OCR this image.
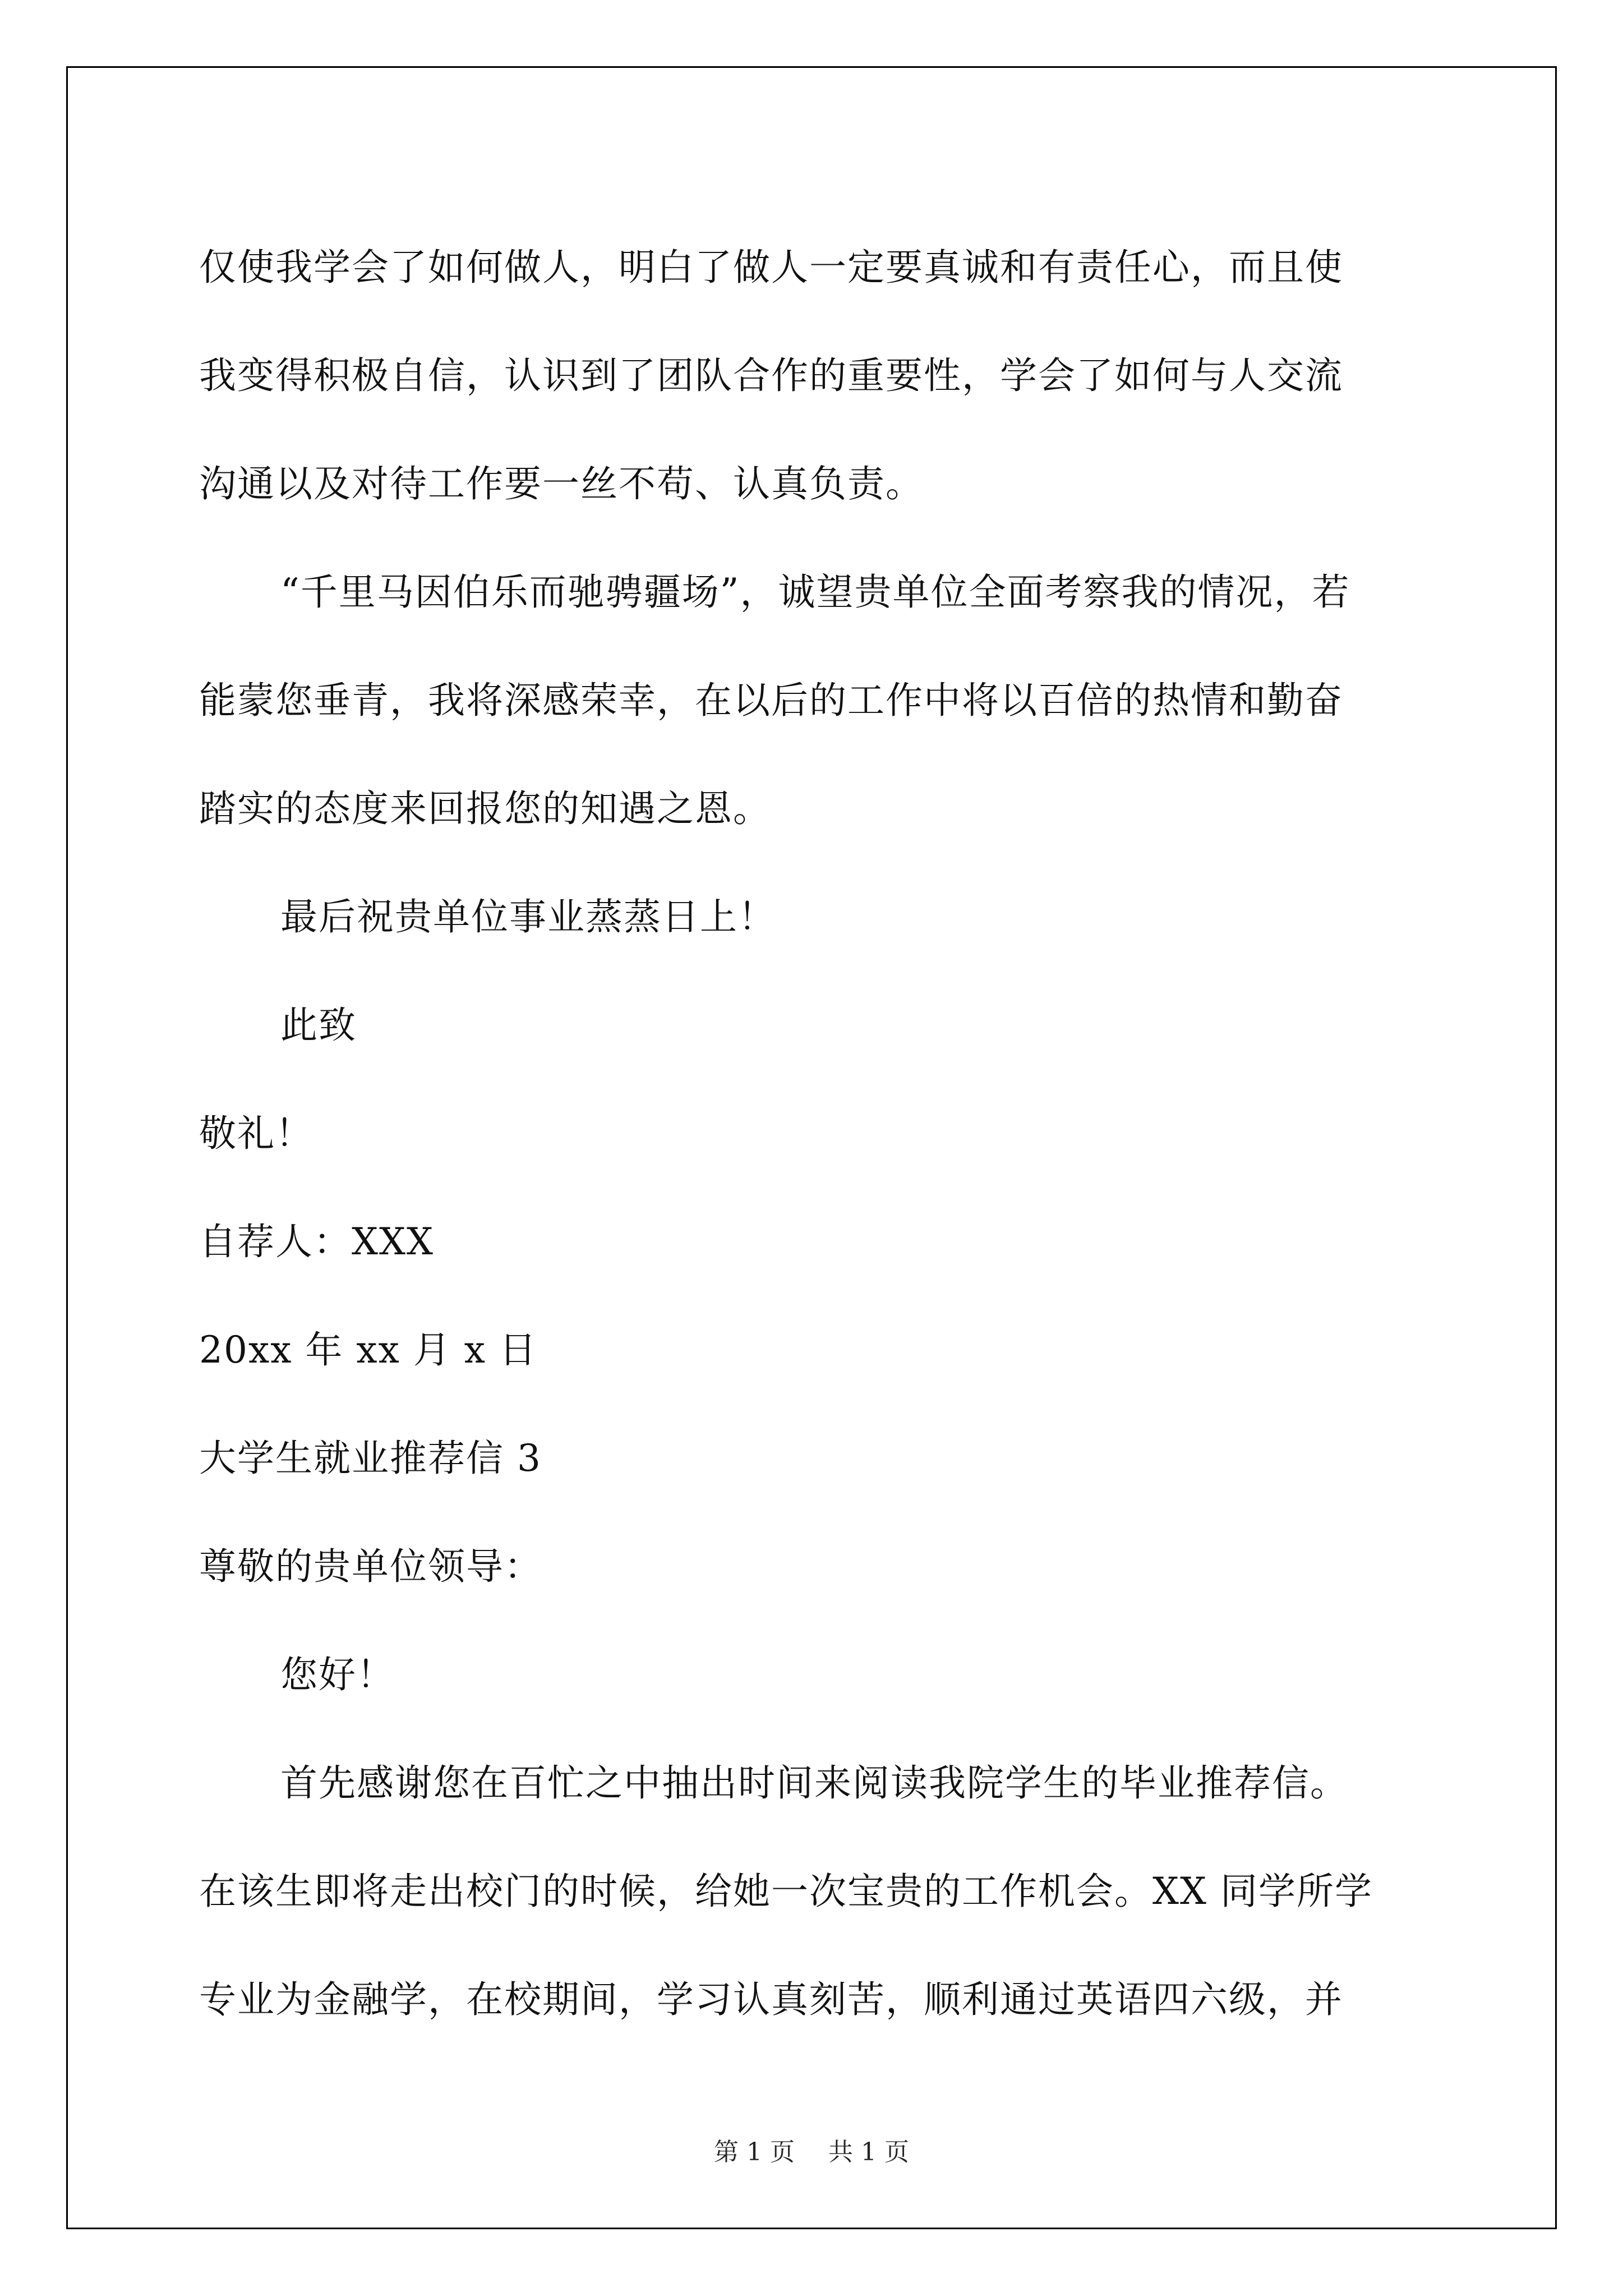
仅使我学会了如何做人，明白了做人一定要真诚和有责任心，而且使
我变得积极自信，认识到了团队合作的重要性，学会了如何与人交流
沟通以及对待工作要一丝不苟、认真负责。
“千里马因伯乐而驰骋疆场”，诚望贵单位全面考察我的情况，若
能蒙您垂青，我将深感荣幸，在以后的工作中将以百倍的热情和勤奋
踏实的态度来回报您的知遇之恩。
最后祝贵单位事业蒸蒸日上！
此致
敬礼！
自荐人：XXX
20xx 年 xx 月 x 日
大学生就业推荐信 3
尊敬的贵单位领导：
您好！
首先感谢您在百忙之中抽出时间来阅读我院学生的毕业推荐信。
在该生即将走出校门的时候，给她一次宝贵的工作机会。XX 同学所学
专业为金融学，在校期间，学习认真刻苦，顺利通过英语四六级，并
第 1 页 共 1 页
